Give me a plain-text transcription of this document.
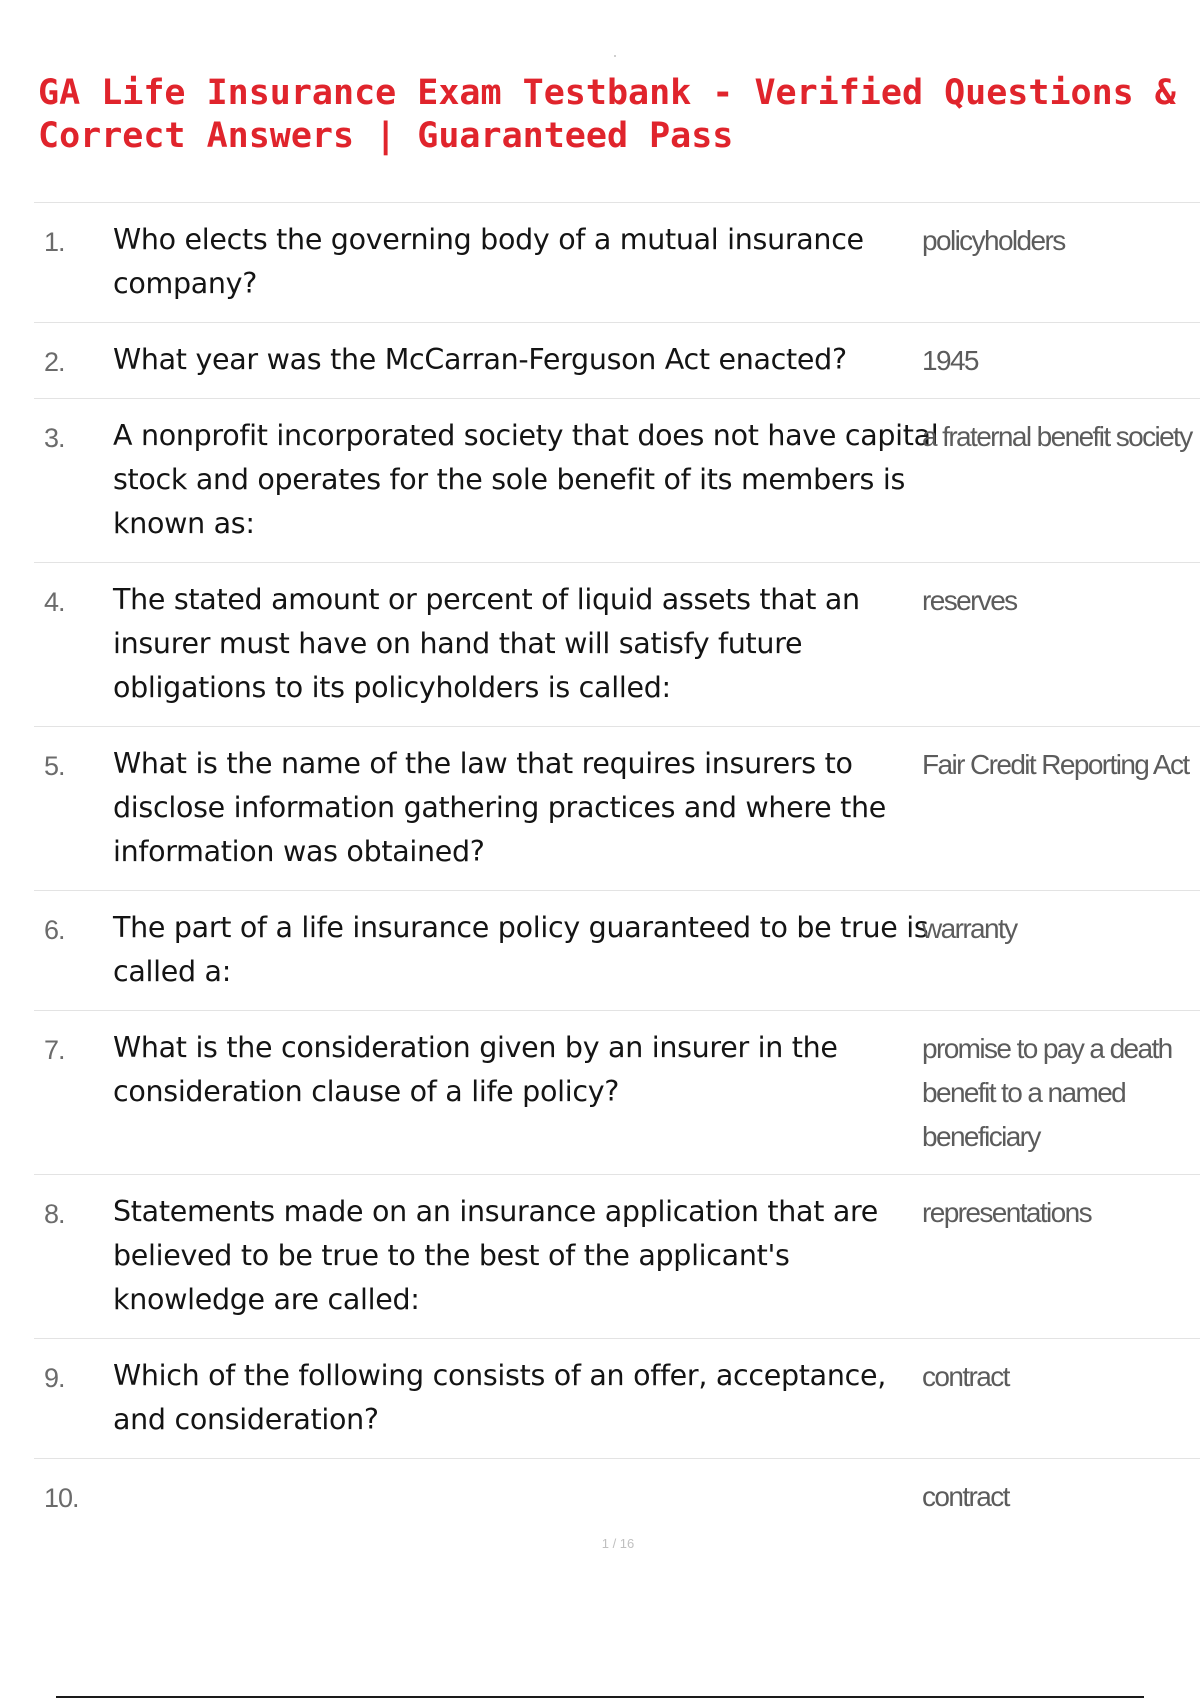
GA Life Insurance Exam Testbank - Verified Questions & Correct Answers | Guaranteed Pass
1. Who elects the governing body of a mutual insurance company?
policyholders
2. What year was the McCarran-Ferguson Act enacted?	1945
3. A nonprofit incorporated society that does not have capital stock and operates for the sole benefit of its members is known as:
a fraternal benefit society
4. The stated amount or percent of liquid assets that an insurer must have on hand that will satisfy future obligations to its policyholders is called:
reserves
5. What is the name of the law that requires insurers to disclose information gathering practices and where the information was obtained?
Fair Credit Reporting Act
6. The part of a life insurance policy guaranteed to be true is called a:
warranty
7. What is the consideration given by an insurer in the consideration clause of a life policy?
promise to pay a death benefit to a named beneficiary
8. Statements made on an insurance application that are believed to be true to the best of the applicant's knowledge are called:
representations
9. Which of the following consists of an offer, acceptance, and consideration?
contract
10.	contract
1 / 16
